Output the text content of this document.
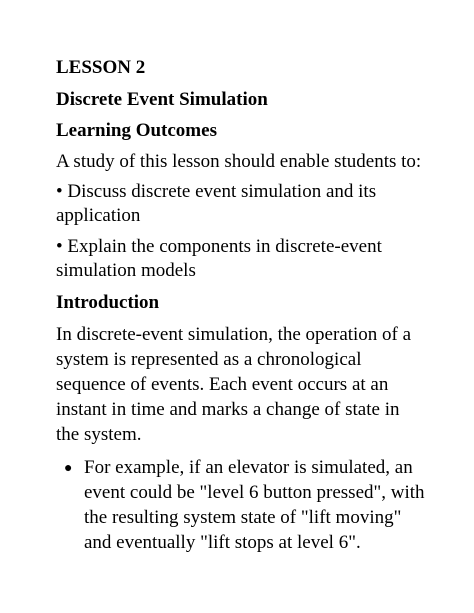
LESSON 2
Discrete Event Simulation
Learning Outcomes
A study of this lesson should enable students to:
• Discuss discrete event simulation and its
application
• Explain the components in discrete-event
simulation models
Introduction
In discrete-event simulation, the operation of a
system is represented as a chronological
sequence of events. Each event occurs at an
instant in time and marks a change of state in
the system.
● For example, if an elevator is simulated, an
event could be "level 6 button pressed", with
the resulting system state of "lift moving"
and eventually "lift stops at level 6".
